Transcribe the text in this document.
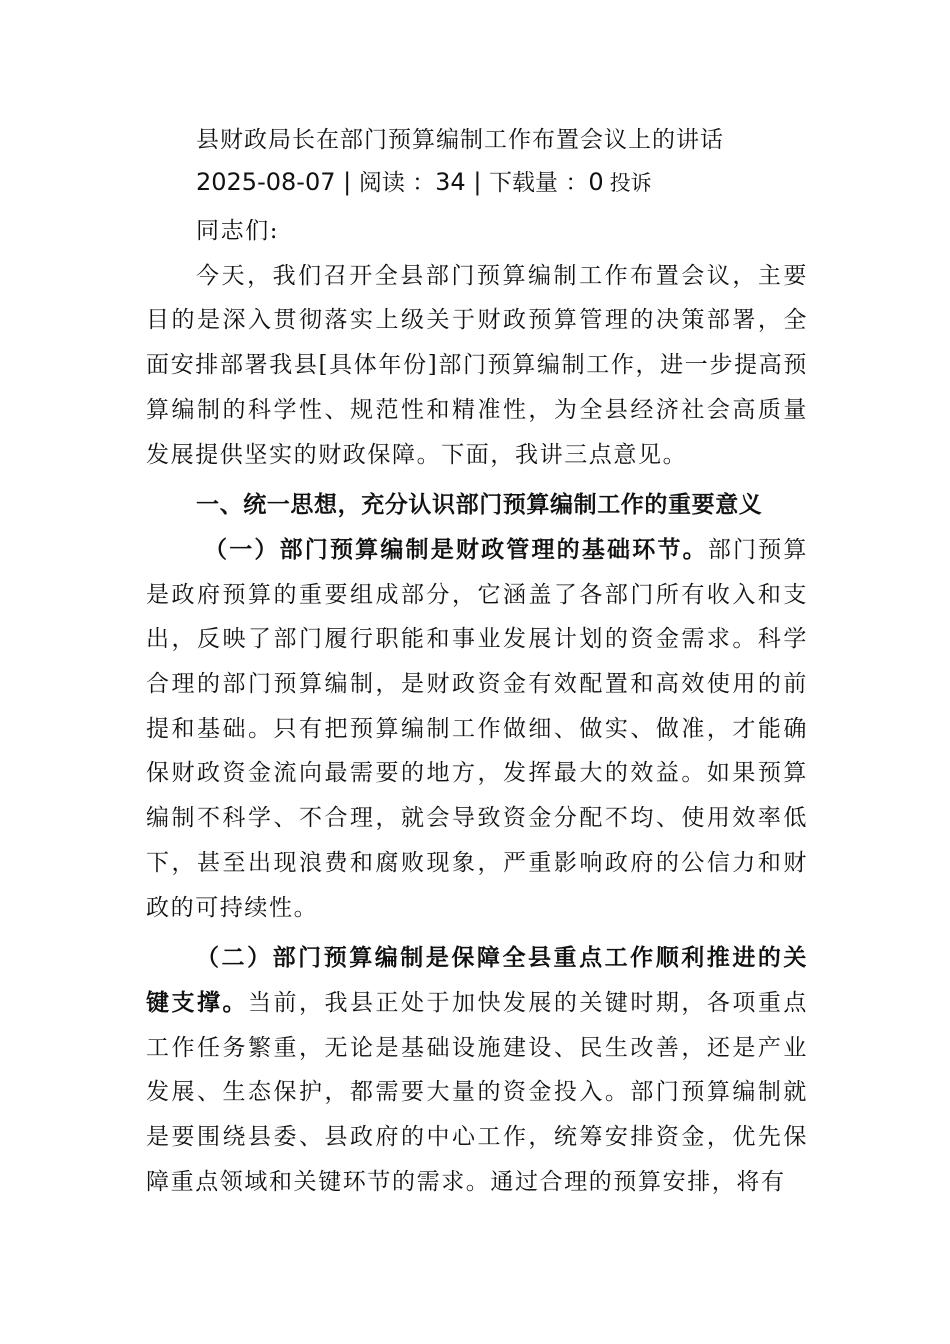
县财政局长在部门预算编制工作布置会议上的讲话
2025-08-07 | 阅读 ：34 | 下载量 ：0 投诉

同志们:

今天，我们召开全县部门预算编制工作布置会议，主要目的是深入贯彻落实上级关于财政预算管理的决策部署，全面安排部署我县[具体年份]部门预算编制工作，进一步提高预算编制的科学性、规范性和精准性，为全县经济社会高质量发展提供坚实的财政保障。下面，我讲三点意见。

一、统一思想，充分认识部门预算编制工作的重要意义

（一）部门预算编制是财政管理的基础环节。部门预算是政府预算的重要组成部分，它涵盖了各部门所有收入和支出，反映了部门履行职能和事业发展计划的资金需求。科学合理的部门预算编制，是财政资金有效配置和高效使用的前提和基础。只有把预算编制工作做细、做实、做准，才能确保财政资金流向最需要的地方，发挥最大的效益。如果预算编制不科学、不合理，就会导致资金分配不均、使用效率低下，甚至出现浪费和腐败现象，严重影响政府的公信力和财政的可持续性。

（二）部门预算编制是保障全县重点工作顺利推进的关键支撑。当前，我县正处于加快发展的关键时期，各项重点工作任务繁重，无论是基础设施建设、民生改善，还是产业发展、生态保护，都需要大量的资金投入。部门预算编制就是要围绕县委、县政府的中心工作，统筹安排资金，优先保障重点领域和关键环节的需求。通过合理的预算安排，将有
